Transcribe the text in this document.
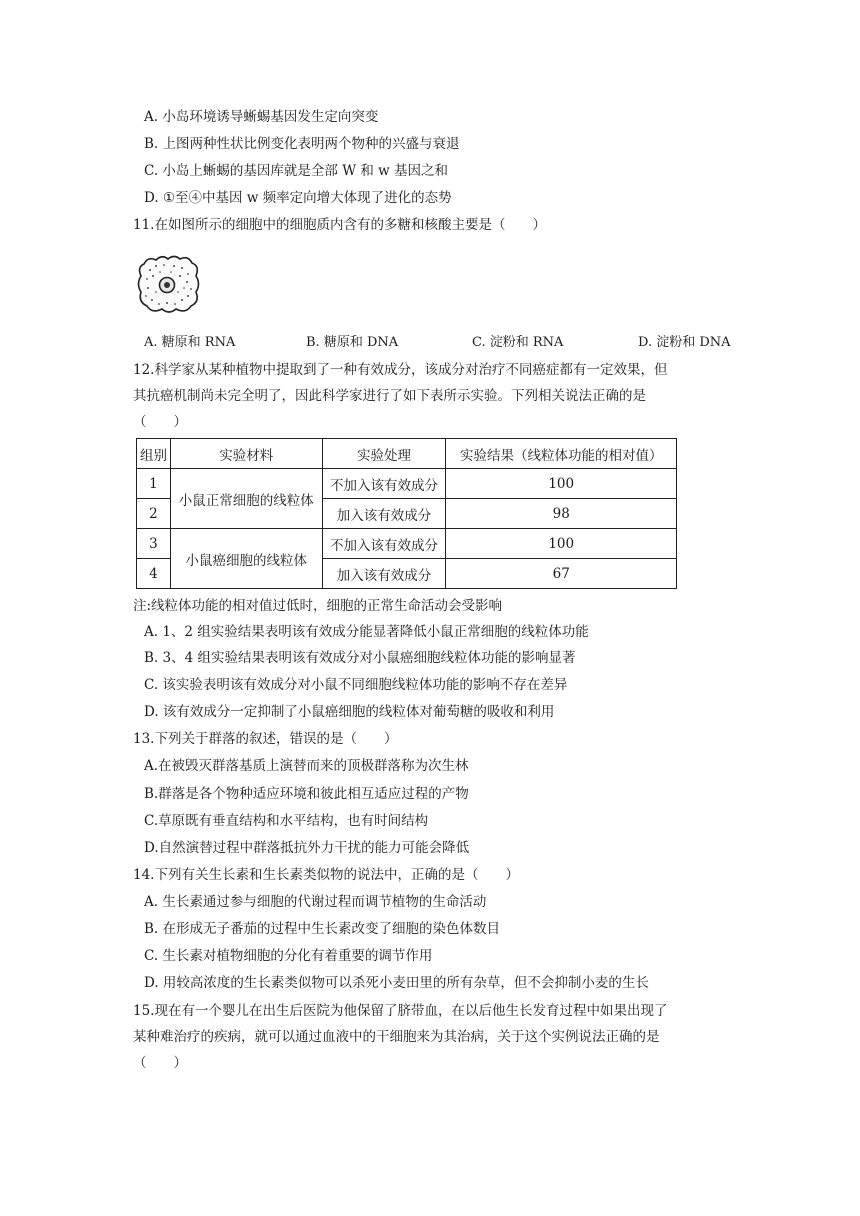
A. 小岛环境诱导蜥蜴基因发生定向突变
B. 上图两种性状比例变化表明两个物种的兴盛与衰退
C. 小岛上蜥蜴的基因库就是全部 W 和 w 基因之和
D. ①至④中基因 w 频率定向增大体现了进化的态势
11.在如图所示的细胞中的细胞质内含有的多糖和核酸主要是（　　）
A. 糖原和 RNA	B. 糖原和 DNA	C. 淀粉和 RNA	D. 淀粉和 DNA
12.科学家从某种植物中提取到了一种有效成分，该成分对治疗不同癌症都有一定效果，但
其抗癌机制尚未完全明了，因此科学家进行了如下表所示实验。下列相关说法正确的是
（　　）
组别	实验材料	实验处理	实验结果（线粒体功能的相对值）
1	小鼠正常细胞的线粒体	不加入该有效成分	100
2		加入该有效成分	98
3	小鼠癌细胞的线粒体	不加入该有效成分	100
4		加入该有效成分	67
注:线粒体功能的相对值过低时，细胞的正常生命活动会受影响
A. 1、2 组实验结果表明该有效成分能显著降低小鼠正常细胞的线粒体功能
B. 3、4 组实验结果表明该有效成分对小鼠癌细胞线粒体功能的影响显著
C. 该实验表明该有效成分对小鼠不同细胞线粒体功能的影响不存在差异
D. 该有效成分一定抑制了小鼠癌细胞的线粒体对葡萄糖的吸收和利用
13.下列关于群落的叙述，错误的是（　　）
A.在被毁灭群落基质上演替而来的顶极群落称为次生林
B.群落是各个物种适应环境和彼此相互适应过程的产物
C.草原既有垂直结构和水平结构，也有时间结构
D.自然演替过程中群落抵抗外力干扰的能力可能会降低
14.下列有关生长素和生长素类似物的说法中，正确的是（　　）
A. 生长素通过参与细胞的代谢过程而调节植物的生命活动
B. 在形成无子番茄的过程中生长素改变了细胞的染色体数目
C. 生长素对植物细胞的分化有着重要的调节作用
D. 用较高浓度的生长素类似物可以杀死小麦田里的所有杂草，但不会抑制小麦的生长
15.现在有一个婴儿在出生后医院为他保留了脐带血，在以后他生长发育过程中如果出现了
某种难治疗的疾病，就可以通过血液中的干细胞来为其治病，关于这个实例说法正确的是
（　　）
